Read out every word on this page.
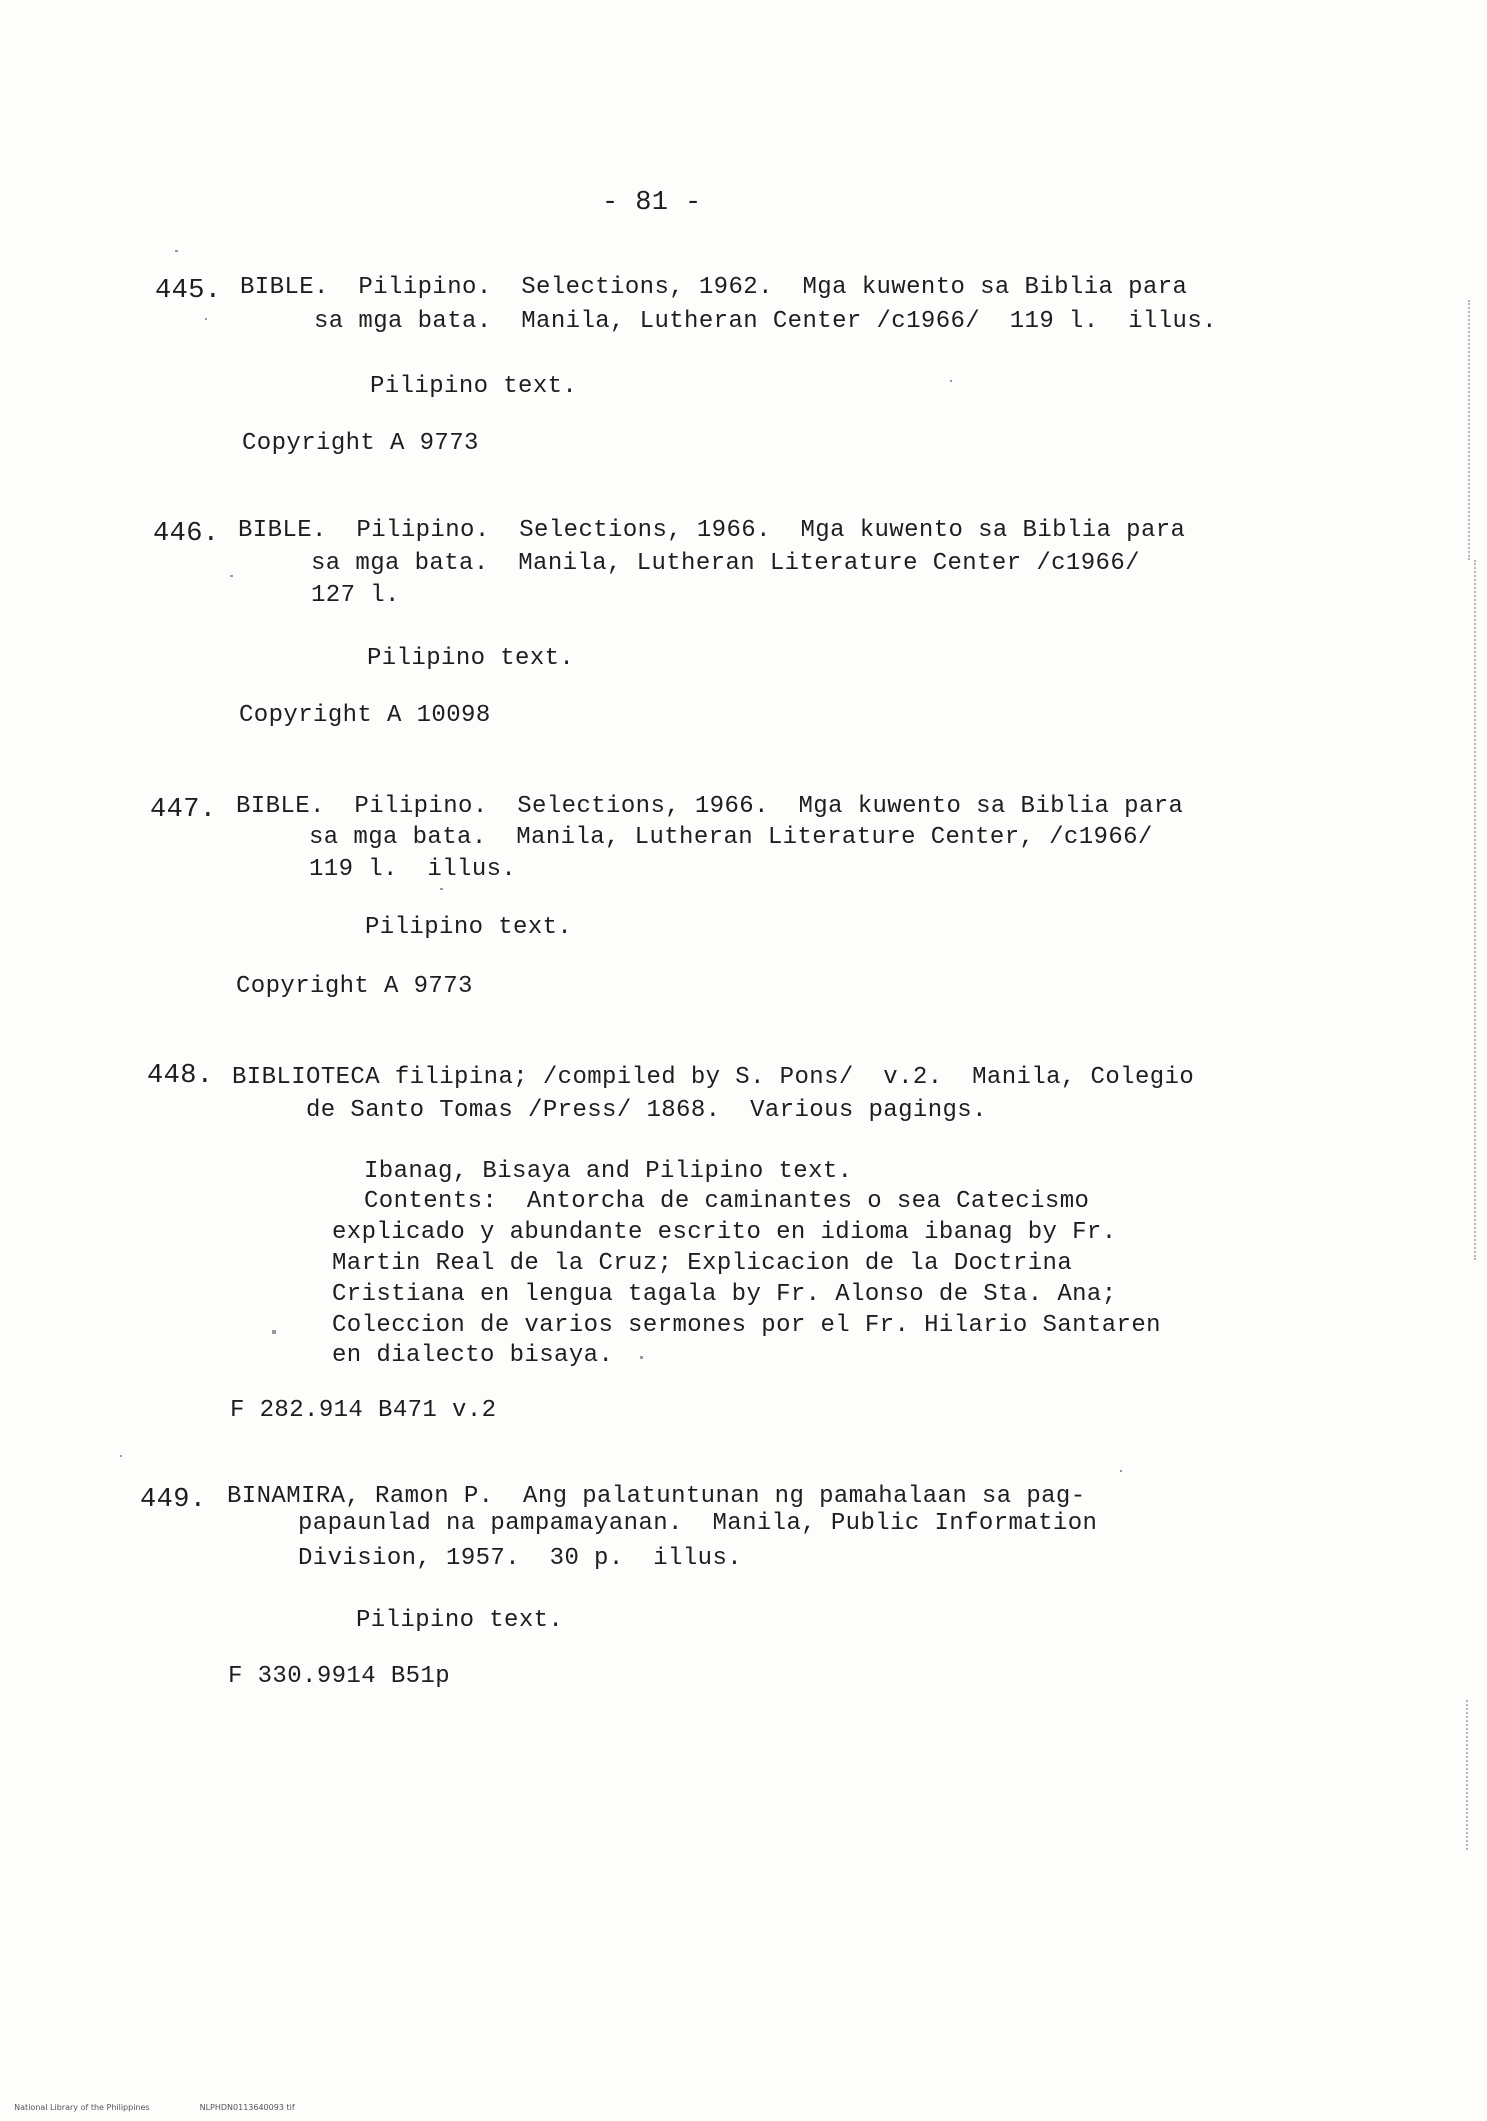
- 81 -
445. BIBLE.  Pilipino.  Selections, 1962.  Mga kuwento sa Biblia para
sa mga bata.  Manila, Lutheran Center /c1966/  119 l.  illus.
Pilipino text.
Copyright A 9773
446. BIBLE.  Pilipino.  Selections, 1966.  Mga kuwento sa Biblia para
sa mga bata.  Manila, Lutheran Literature Center /c1966/
127 l.
Pilipino text.
Copyright A 10098
447. BIBLE.  Pilipino.  Selections, 1966.  Mga kuwento sa Biblia para
sa mga bata.  Manila, Lutheran Literature Center, /c1966/
119 l.  illus.
Pilipino text.
Copyright A 9773
448. BIBLIOTECA filipina; /compiled by S. Pons/  v.2.  Manila, Colegio
de Santo Tomas /Press/ 1868.  Various pagings.
Ibanag, Bisaya and Pilipino text.
Contents:  Antorcha de caminantes o sea Catecismo
explicado y abundante escrito en idioma ibanag by Fr.
Martin Real de la Cruz; Explicacion de la Doctrina
Cristiana en lengua tagala by Fr. Alonso de Sta. Ana;
Coleccion de varios sermones por el Fr. Hilario Santaren
en dialecto bisaya.
F 282.914 B471 v.2
449. BINAMIRA, Ramon P.  Ang palatuntunan ng pamahalaan sa pag-
papaunlad na pampamayanan.  Manila, Public Information
Division, 1957.  30 p.  illus.
Pilipino text.
F 330.9914 B51p

National Library of the Philippines	NLPHDN0113640093 tif
